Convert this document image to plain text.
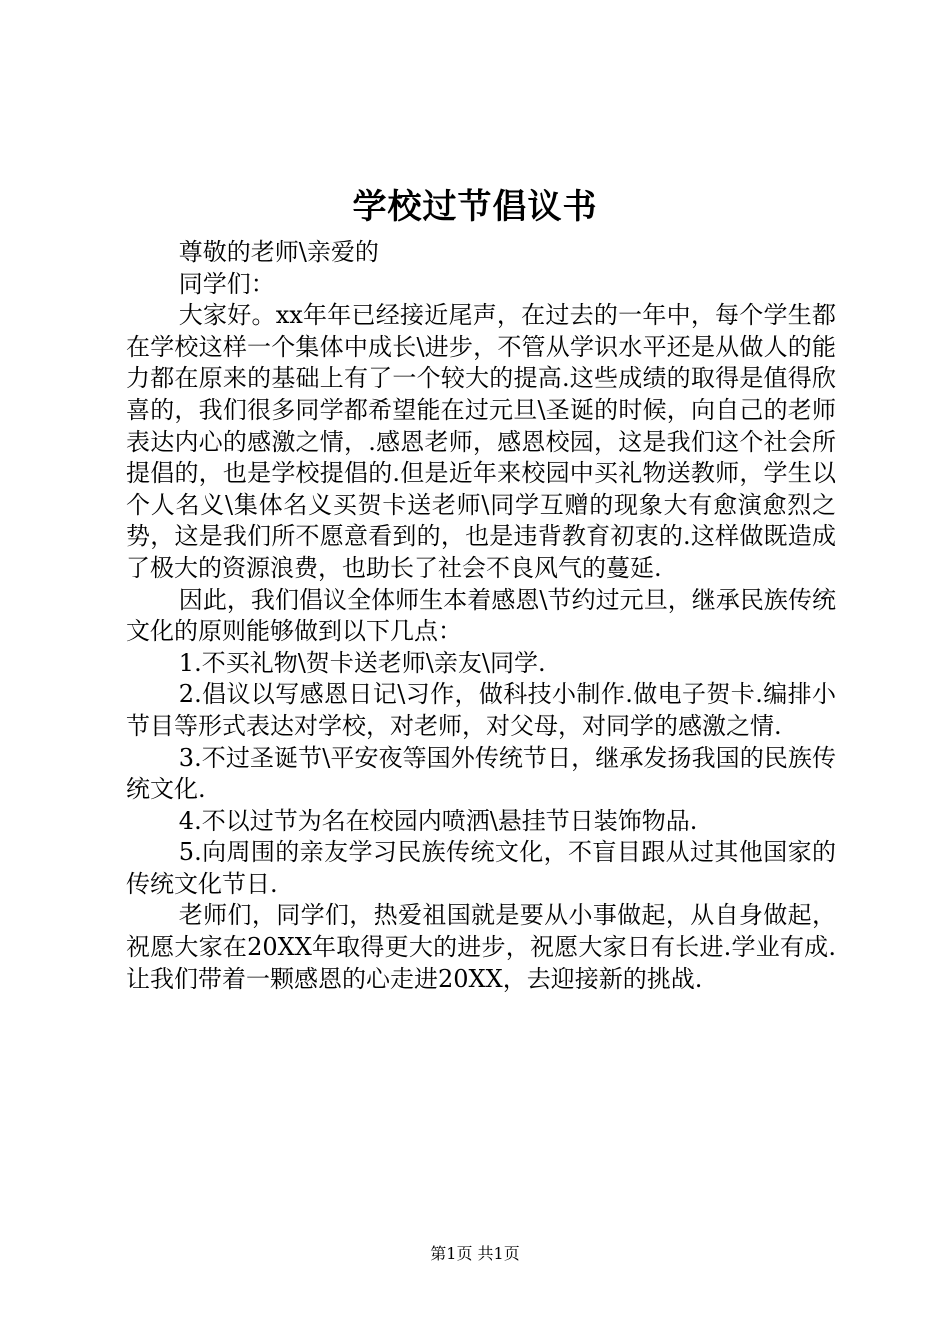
学校过节倡议书

尊敬的老师\亲爱的

同学们：

大家好。xx年年已经接近尾声，在过去的一年中，每个学生都在学校这样一个集体中成长\进步，不管从学识水平还是从做人的能力都在原来的基础上有了一个较大的提高.这些成绩的取得是值得欣喜的，我们很多同学都希望能在过元旦\圣诞的时候，向自己的老师表达内心的感激之情，.感恩老师，感恩校园，这是我们这个社会所提倡的，也是学校提倡的.但是近年来校园中买礼物送教师，学生以个人名义\集体名义买贺卡送老师\同学互赠的现象大有愈演愈烈之势，这是我们所不愿意看到的，也是违背教育初衷的.这样做既造成了极大的资源浪费，也助长了社会不良风气的蔓延.

因此，我们倡议全体师生本着感恩\节约过元旦，继承民族传统文化的原则能够做到以下几点：

1.不买礼物\贺卡送老师\亲友\同学.

2.倡议以写感恩日记\习作，做科技小制作.做电子贺卡.编排小节目等形式表达对学校，对老师，对父母，对同学的感激之情.

3.不过圣诞节\平安夜等国外传统节日，继承发扬我国的民族传统文化.

4.不以过节为名在校园内喷洒\悬挂节日装饰物品.

5.向周围的亲友学习民族传统文化，不盲目跟从过其他国家的传统文化节日.

老师们，同学们，热爱祖国就是要从小事做起，从自身做起，祝愿大家在20XX年取得更大的进步，祝愿大家日有长进.学业有成.让我们带着一颗感恩的心走进20XX，去迎接新的挑战.

第1页 共1页
